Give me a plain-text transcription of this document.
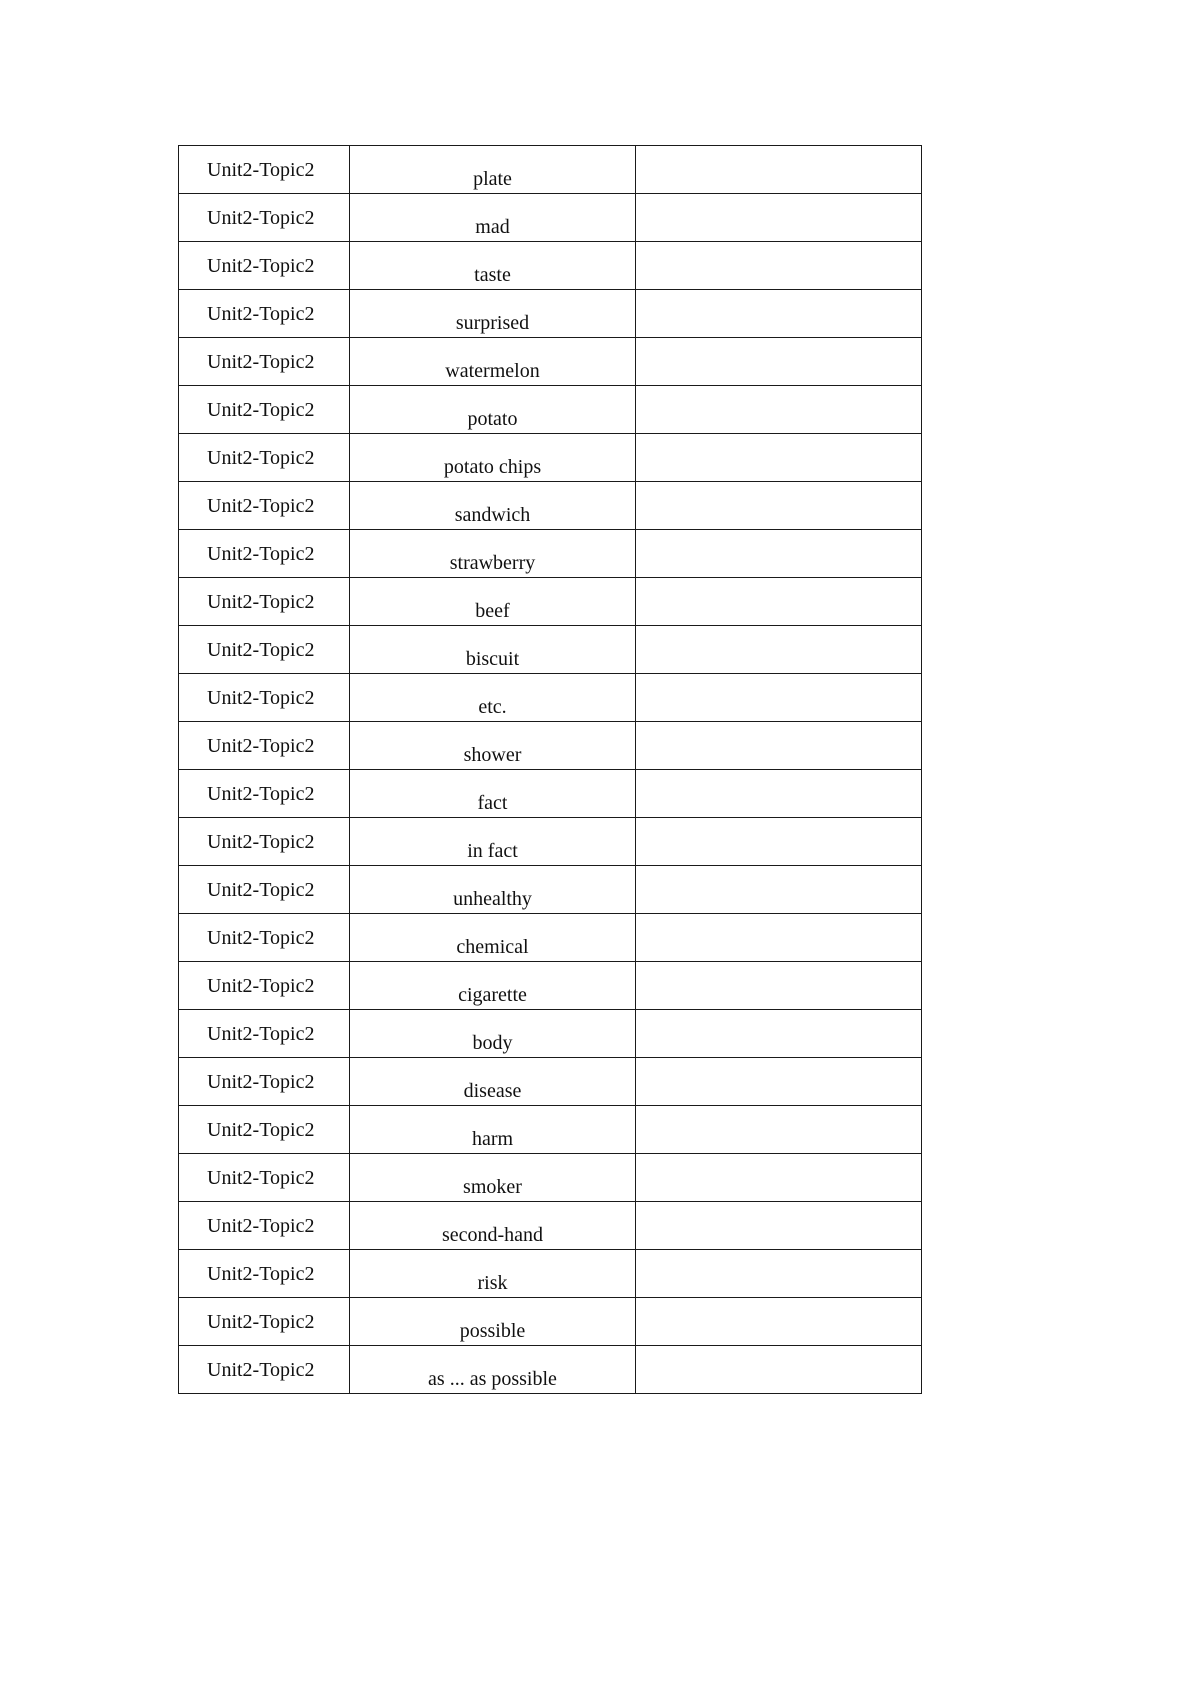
Unit2-Topic2	plate	
Unit2-Topic2	mad	
Unit2-Topic2	taste	
Unit2-Topic2	surprised	
Unit2-Topic2	watermelon	
Unit2-Topic2	potato	
Unit2-Topic2	potato chips	
Unit2-Topic2	sandwich	
Unit2-Topic2	strawberry	
Unit2-Topic2	beef	
Unit2-Topic2	biscuit	
Unit2-Topic2	etc.	
Unit2-Topic2	shower	
Unit2-Topic2	fact	
Unit2-Topic2	in fact	
Unit2-Topic2	unhealthy	
Unit2-Topic2	chemical	
Unit2-Topic2	cigarette	
Unit2-Topic2	body	
Unit2-Topic2	disease	
Unit2-Topic2	harm	
Unit2-Topic2	smoker	
Unit2-Topic2	second-hand	
Unit2-Topic2	risk	
Unit2-Topic2	possible	
Unit2-Topic2	as ... as possible	
